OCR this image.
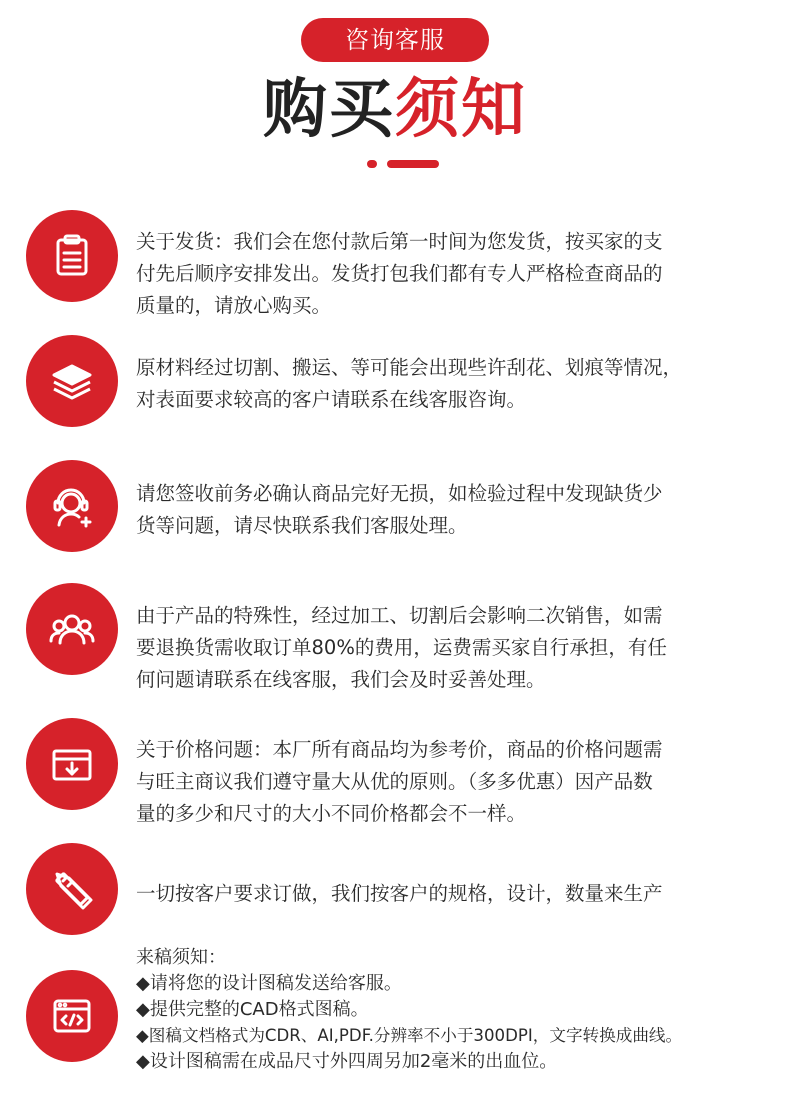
咨询客服
购买须知

关于发货：我们会在您付款后第一时间为您发货，按买家的支

付先后顺序安排发出。发货打包我们都有专人严格检查商品的

质量的，请放心购买。

原材料经过切割、搬运、等可能会出现些许刮花、划痕等情况，

对表面要求较高的客户请联系在线客服咨询。

请您签收前务必确认商品完好无损，如检验过程中发现缺货少

货等问题，请尽快联系我们客服处理。

由于产品的特殊性，经过加工、切割后会影响二次销售，如需

要退换货需收取订单80%的费用，运费需买家自行承担，有任

何问题请联系在线客服，我们会及时妥善处理。

关于价格问题：本厂所有商品均为参考价，商品的价格问题需

与旺主商议我们遵守量大从优的原则。（多多优惠）因产品数

量的多少和尺寸的大小不同价格都会不一样。

一切按客户要求订做，我们按客户的规格，设计，数量来生产

来稿须知：

◆请将您的设计图稿发送给客服。

◆提供完整的CAD格式图稿。

◆图稿文档格式为CDR、AI,PDF.分辨率不小于300DPI，文字转换成曲线。

◆设计图稿需在成品尺寸外四周另加2毫米的出血位。
